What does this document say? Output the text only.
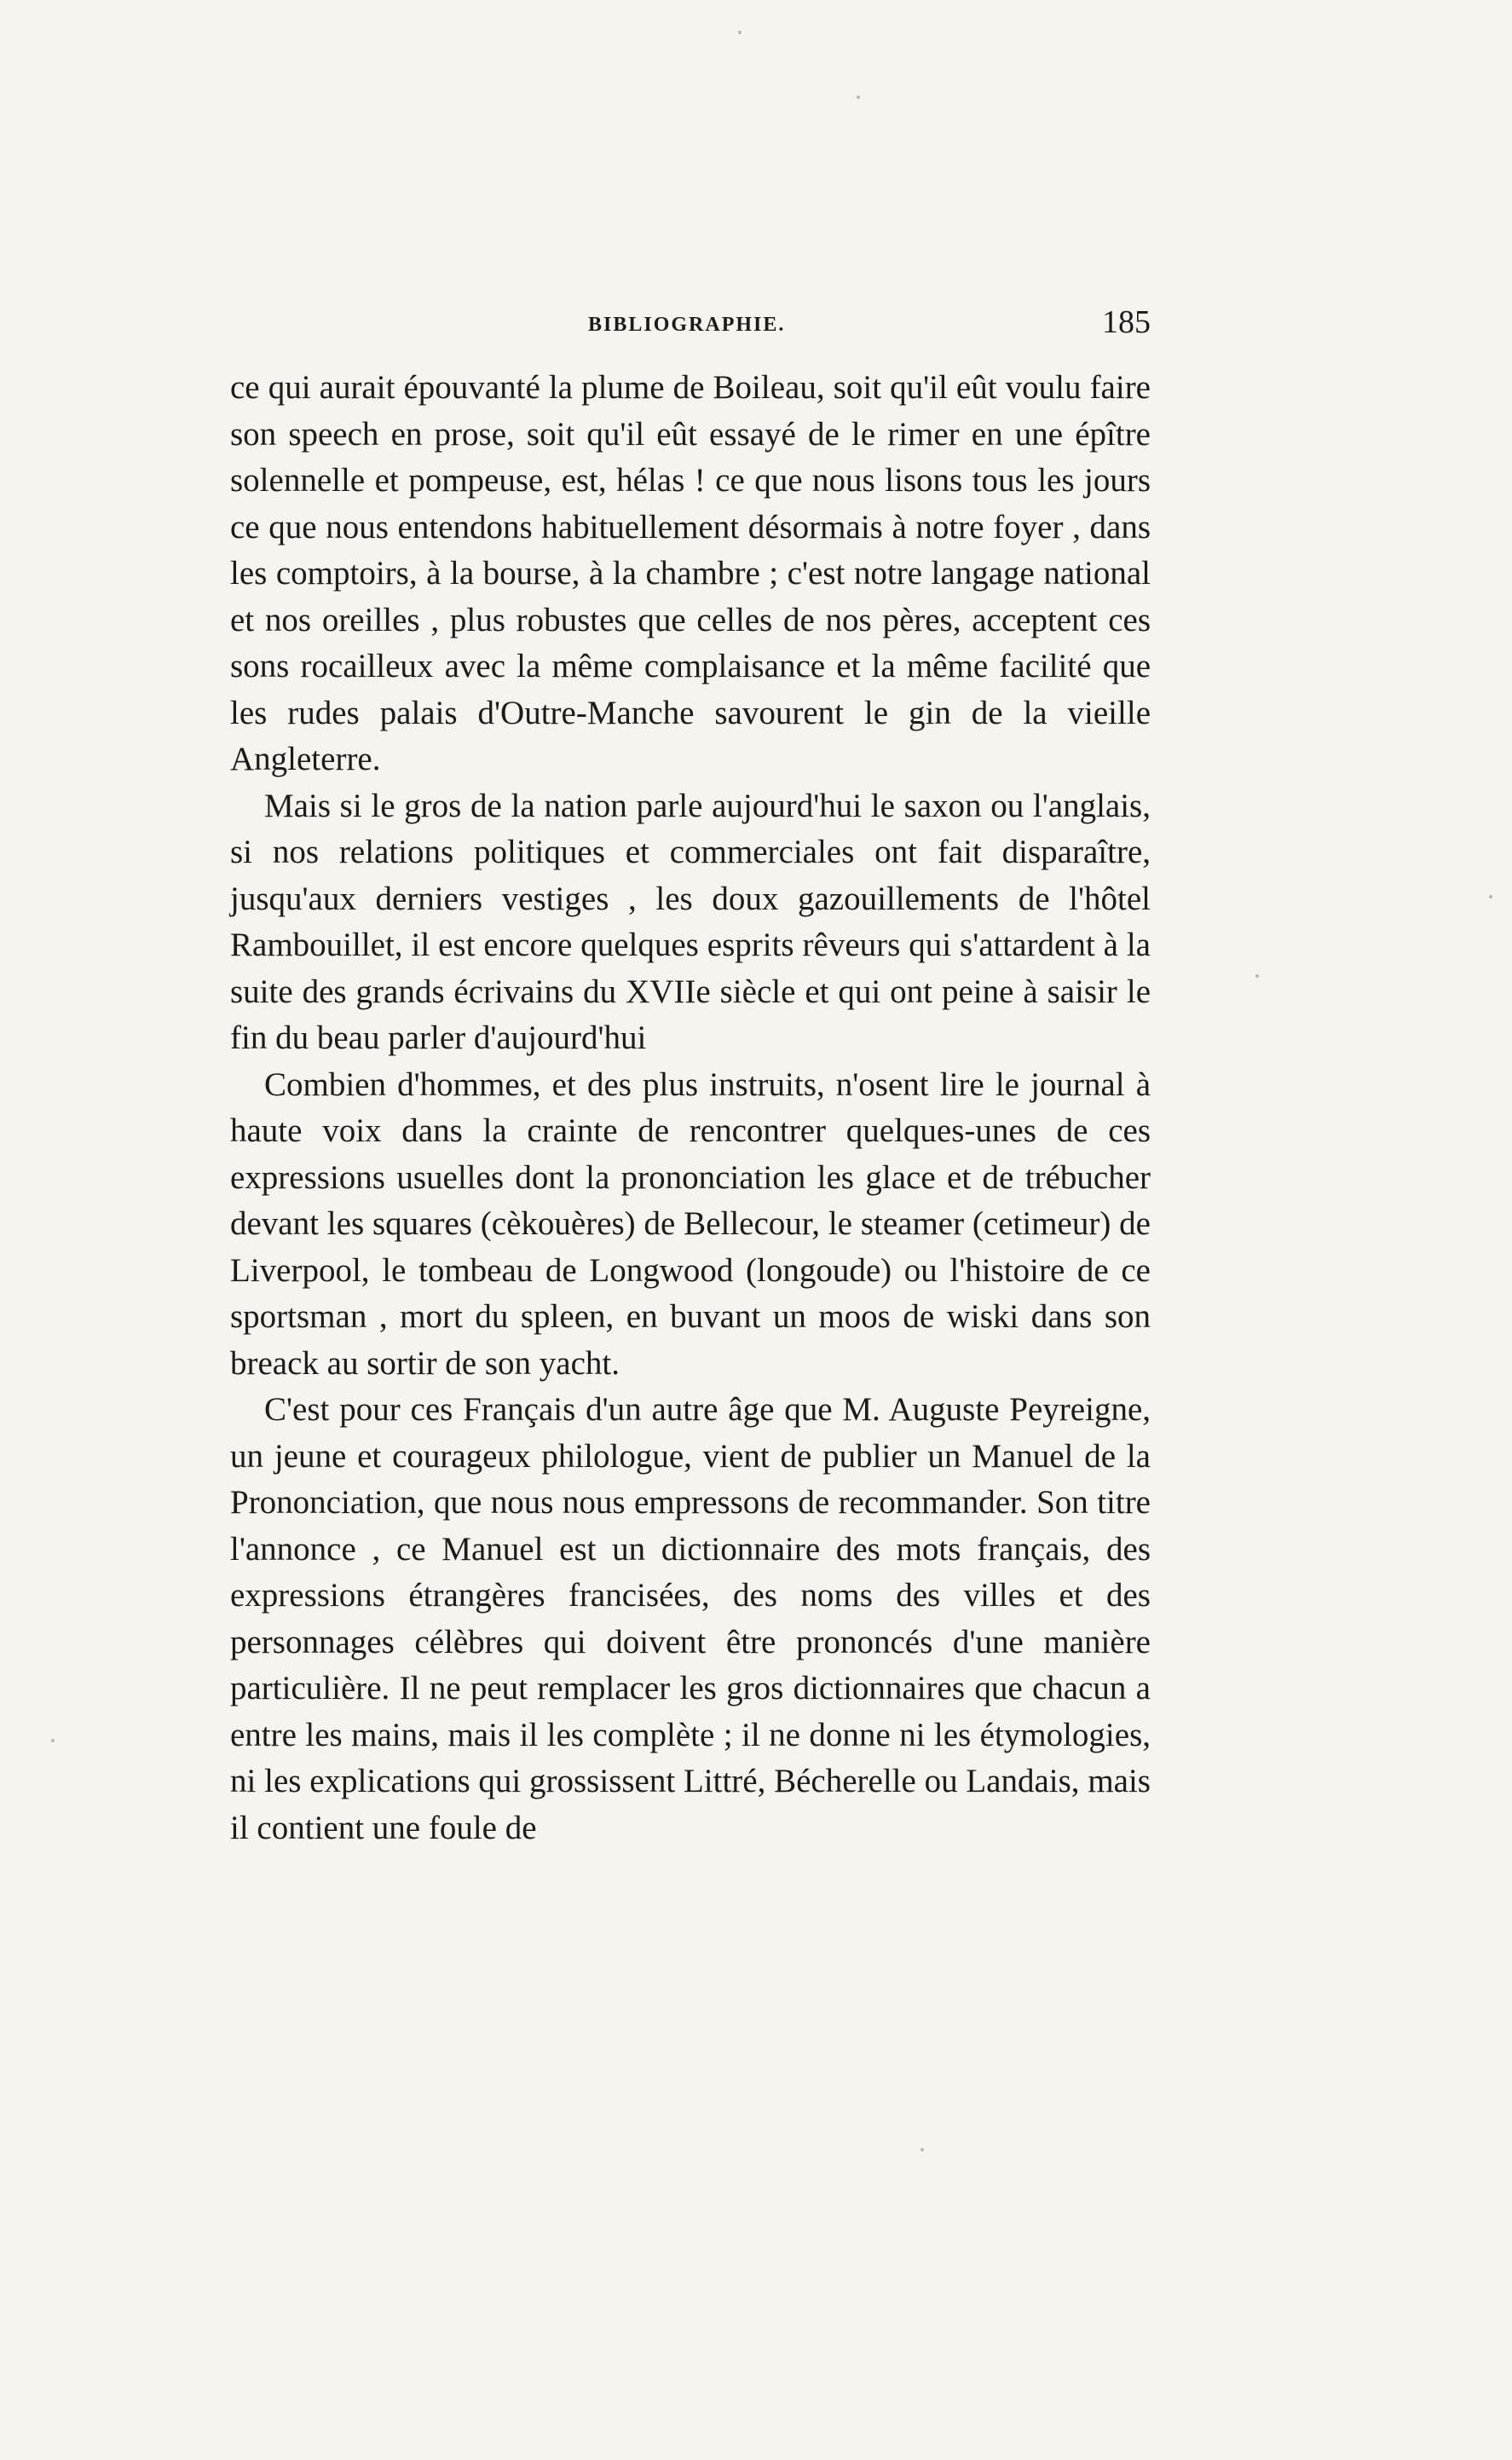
BIBLIOGRAPHIE.	185

ce qui aurait épouvanté la plume de Boileau, soit qu'il eût voulu faire son speech en prose, soit qu'il eût essayé de le rimer en une épître solennelle et pompeuse, est, hélas ! ce que nous lisons tous les jours ce que nous entendons habituellement désormais à notre foyer , dans les comptoirs, à la bourse, à la chambre ; c'est notre langage national et nos oreilles , plus robustes que celles de nos pères, acceptent ces sons rocailleux avec la même complaisance et la même facilité que les rudes palais d'Outre-Manche savourent le gin de la vieille Angleterre.

Mais si le gros de la nation parle aujourd'hui le saxon ou l'anglais, si nos relations politiques et commerciales ont fait disparaître, jusqu'aux derniers vestiges , les doux gazouillements de l'hôtel Rambouillet, il est encore quelques esprits rêveurs qui s'attardent à la suite des grands écrivains du XVIIe siècle et qui ont peine à saisir le fin du beau parler d'aujourd'hui

Combien d'hommes, et des plus instruits, n'osent lire le journal à haute voix dans la crainte de rencontrer quelques-unes de ces expressions usuelles dont la prononciation les glace et de trébucher devant les squares (cèkouères) de Bellecour, le steamer (cetimeur) de Liverpool, le tombeau de Longwood (longoude) ou l'histoire de ce sportsman , mort du spleen, en buvant un moos de wiski dans son breack au sortir de son yacht.

C'est pour ces Français d'un autre âge que M. Auguste Peyreigne, un jeune et courageux philologue, vient de publier un Manuel de la Prononciation, que nous nous empressons de recommander. Son titre l'annonce , ce Manuel est un dictionnaire des mots français, des expressions étrangères francisées, des noms des villes et des personnages célèbres qui doivent être prononcés d'une manière particulière. Il ne peut remplacer les gros dictionnaires que chacun a entre les mains, mais il les complète ; il ne donne ni les étymologies, ni les explications qui grossissent Littré, Bécherelle ou Landais, mais il contient une foule de
